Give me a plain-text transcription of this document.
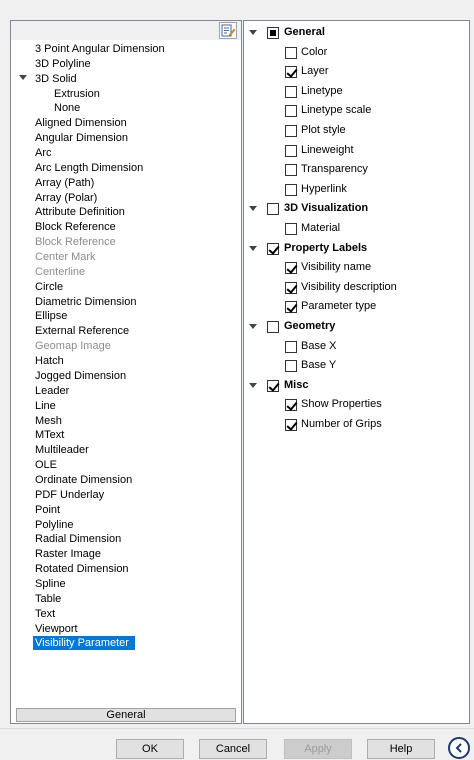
3 Point Angular Dimension
3D Polyline
3D Solid
Extrusion
None
Aligned Dimension
Angular Dimension
Arc
Arc Length Dimension
Array (Path)
Array (Polar)
Attribute Definition
Block Reference
Block Reference
Center Mark
Centerline
Circle
Diametric Dimension
Ellipse
External Reference
Geomap Image
Hatch
Jogged Dimension
Leader
Line
Mesh
MText
Multileader
OLE
Ordinate Dimension
PDF Underlay
Point
Polyline
Radial Dimension
Raster Image
Rotated Dimension
Spline
Table
Text
Viewport
Visibility Parameter
General
General
Color
Layer
Linetype
Linetype scale
Plot style
Lineweight
Transparency
Hyperlink
3D Visualization
Material
Property Labels
Visibility name
Visibility description
Parameter type
Geometry
Base X
Base Y
Misc
Show Properties
Number of Grips
OK	Cancel	Apply	Help
